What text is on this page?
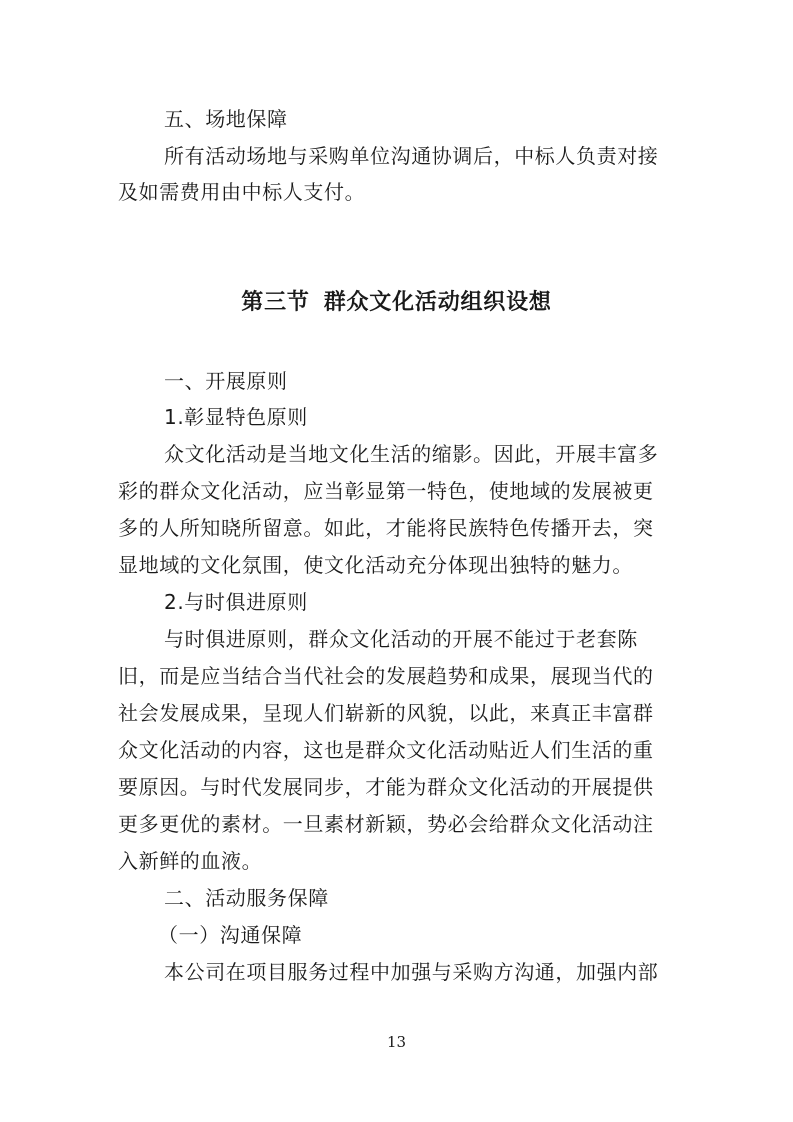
五、场地保障
所有活动场地与采购单位沟通协调后，中标人负责对接
及如需费用由中标人支付。
第三节 群众文化活动组织设想
一、开展原则
1.彰显特色原则
众文化活动是当地文化生活的缩影。因此，开展丰富多
彩的群众文化活动，应当彰显第一特色，使地域的发展被更
多的人所知晓所留意。如此，才能将民族特色传播开去，突
显地域的文化氛围，使文化活动充分体现出独特的魅力。
2.与时俱进原则
与时俱进原则，群众文化活动的开展不能过于老套陈
旧，而是应当结合当代社会的发展趋势和成果，展现当代的
社会发展成果，呈现人们崭新的风貌，以此，来真正丰富群
众文化活动的内容，这也是群众文化活动贴近人们生活的重
要原因。与时代发展同步，才能为群众文化活动的开展提供
更多更优的素材。一旦素材新颖，势必会给群众文化活动注
入新鲜的血液。
二、活动服务保障
（一）沟通保障
本公司在项目服务过程中加强与采购方沟通，加强内部
13
